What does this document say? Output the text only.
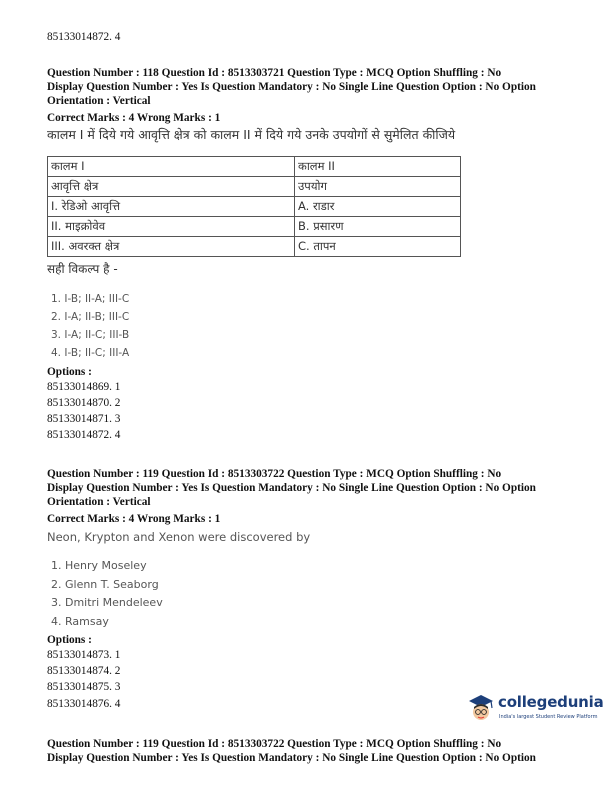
85133014872. 4
Question Number : 118 Question Id : 8513303721 Question Type : MCQ Option Shuffling : No
Display Question Number : Yes Is Question Mandatory : No Single Line Question Option : No Option
Orientation : Vertical
Correct Marks : 4 Wrong Marks : 1
कालम I में दिये गये आवृत्ति क्षेत्र को कालम II में दिये गये उनके उपयोगों से सुमेलित कीजिये
कालम I	कालम II
आवृत्ति क्षेत्र	उपयोग
I. रेडिओ आवृत्ति	A. राडार
II. माइक्रोवेव	B. प्रसारण
III. अवरक्त क्षेत्र	C. तापन
सही विकल्प है -
1. I-B; II-A; III-C
2. I-A; II-B; III-C
3. I-A; II-C; III-B
4. I-B; II-C; III-A
Options :
85133014869. 1
85133014870. 2
85133014871. 3
85133014872. 4
Question Number : 119 Question Id : 8513303722 Question Type : MCQ Option Shuffling : No
Display Question Number : Yes Is Question Mandatory : No Single Line Question Option : No Option
Orientation : Vertical
Correct Marks : 4 Wrong Marks : 1
Neon, Krypton and Xenon were discovered by
1. Henry Moseley
2. Glenn T. Seaborg
3. Dmitri Mendeleev
4. Ramsay
Options :
85133014873. 1
85133014874. 2
85133014875. 3
85133014876. 4	collegedunia
India's largest Student Review Platform
Question Number : 119 Question Id : 8513303722 Question Type : MCQ Option Shuffling : No
Display Question Number : Yes Is Question Mandatory : No Single Line Question Option : No Option
